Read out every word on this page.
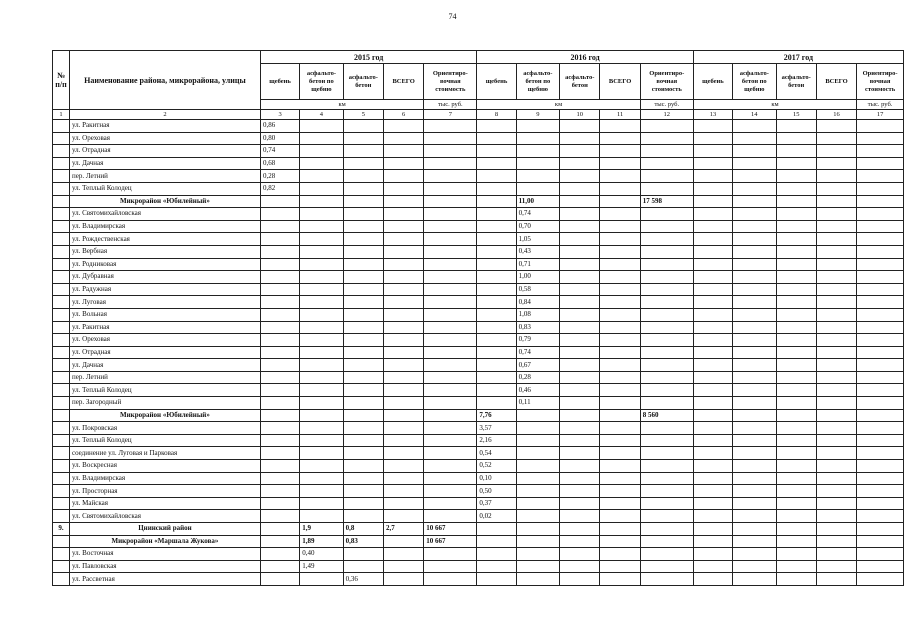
74
№ п/п	Наименование района, микрорайона, улицы	2015 год					2016 год					2017 год				
		щебень	асфальто-бетон по щебню	асфальто-бетон	ВСЕГО	Ориентиро-вочная стоимость	щебень	асфальто-бетон по щебню	асфальто-бетон	ВСЕГО	Ориентиро-вочная стоимость	щебень	асфальто-бетон по щебню	асфальто-бетон	ВСЕГО	Ориентиро-вочная стоимость
		км				тыс. руб.	км				тыс. руб.	км				тыс. руб.
1	2	3	4	5	6	7	8	9	10	11	12	13	14	15	16	17
	ул. Ракитная	0,86														
	ул. Ореховая	0,80														
	ул. Отрадная	0,74														
	ул. Дачная	0,68														
	пер. Летний	0,28														
	ул. Теплый Колодец	0,82														
	Микрорайон «Юбилейный»							11,00			17 598					
	ул. Святомихайловская							0,74								
	ул. Владимирская							0,70								
	ул. Рождественская							1,05								
	ул. Вербная							0,43								
	ул. Родниковая							0,71								
	ул. Дубравная							1,00								
	ул. Радужная							0,58								
	ул. Луговая							0,84								
	ул. Вольная							1,08								
	ул. Ракитная							0,83								
	ул. Ореховая							0,79								
	ул. Отрадная							0,74								
	ул. Дачная							0,67								
	пер. Летний							0,28								
	ул. Теплый Колодец							0,46								
	пер. Загородный							0,11								
	Микрорайон «Юбилейный»						7,76				8 560					
	ул. Покровская						3,57									
	ул. Теплый Колодец						2,16									
	соединение ул. Луговая и Парковая						0,54									
	ул. Воскресная						0,52									
	ул. Владимирская						0,10									
	ул. Просторная						0,50									
	ул. Майская						0,37									
	ул. Святомихайловская						0,02									
9.	Цнинский район		1,9	0,8	2,7	10 667										
	Микрорайон «Маршала Жукова»		1,89	0,83		10 667										
	ул. Восточная		0,40													
	ул. Павловская		1,49													
	ул. Рассветная			0,36												
